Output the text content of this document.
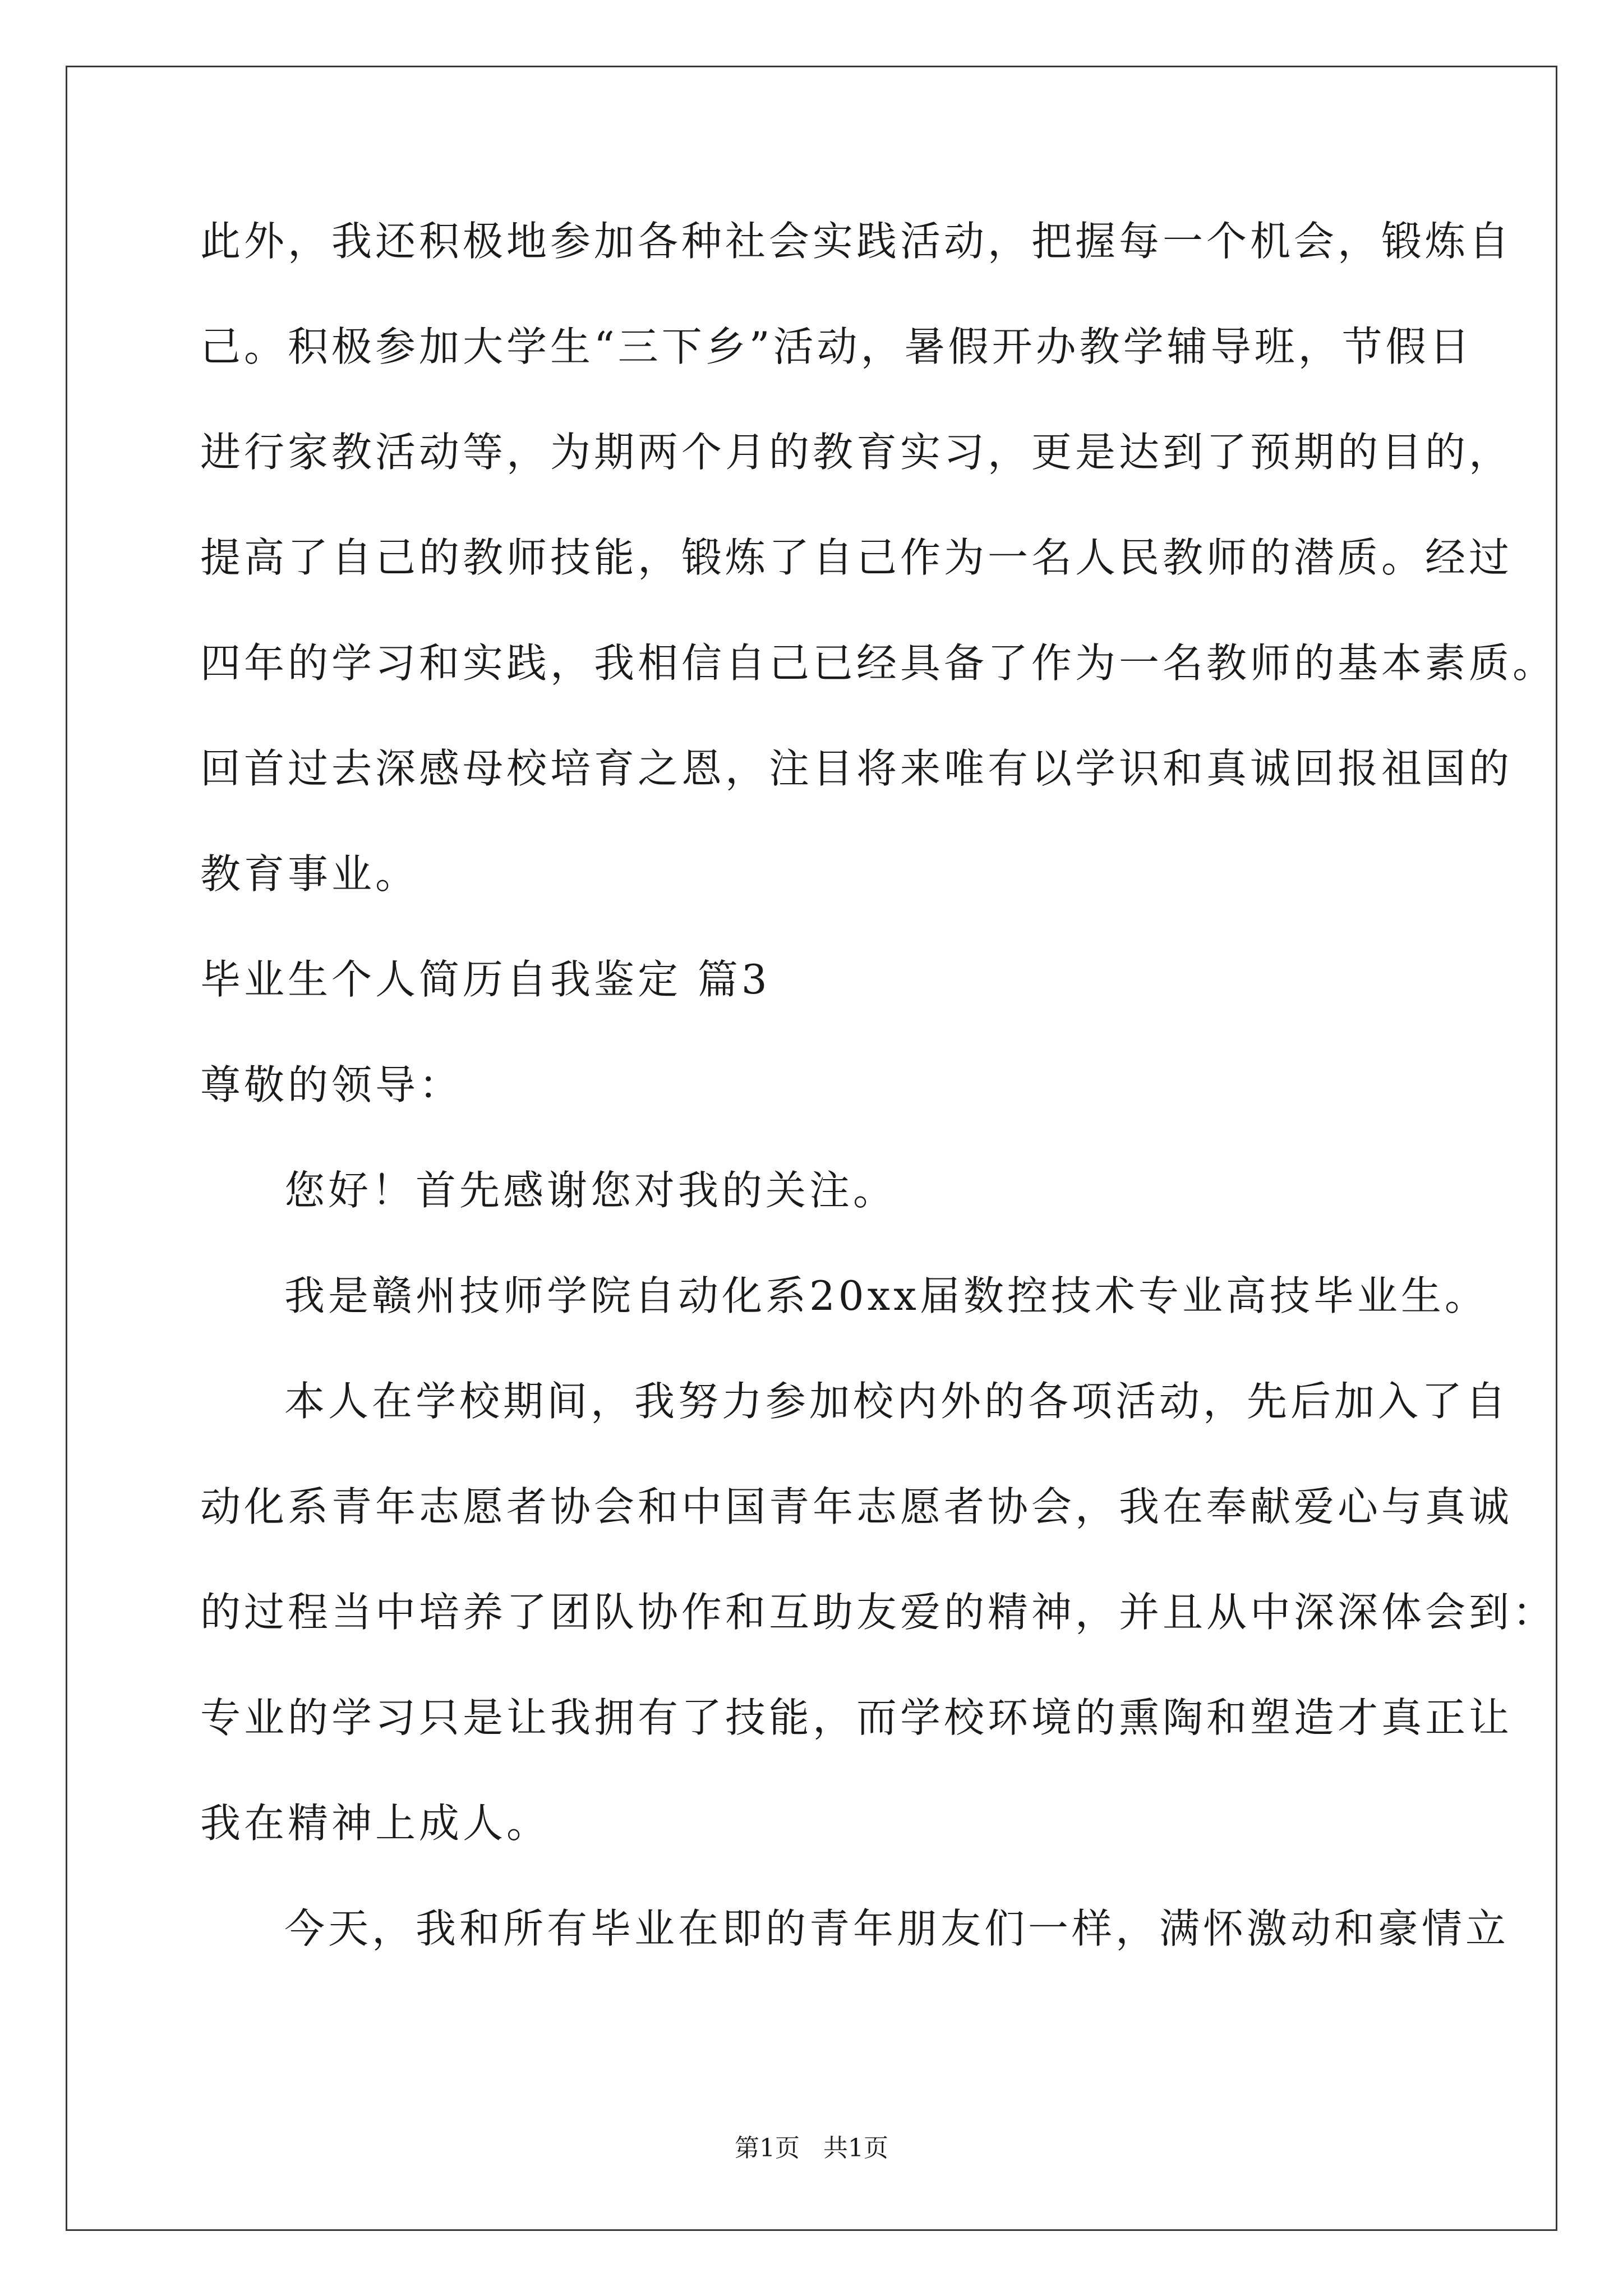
此外，我还积极地参加各种社会实践活动，把握每一个机会，锻炼自
己。积极参加大学生“三下乡”活动，暑假开办教学辅导班，节假日
进行家教活动等，为期两个月的教育实习，更是达到了预期的目的，
提高了自己的教师技能，锻炼了自己作为一名人民教师的潜质。经过
四年的学习和实践，我相信自己已经具备了作为一名教师的基本素质。
回首过去深感母校培育之恩，注目将来唯有以学识和真诚回报祖国的
教育事业。
毕业生个人简历自我鉴定 篇3
尊敬的领导：
您好！首先感谢您对我的关注。
我是赣州技师学院自动化系20xx届数控技术专业高技毕业生。
本人在学校期间，我努力参加校内外的各项活动，先后加入了自
动化系青年志愿者协会和中国青年志愿者协会，我在奉献爱心与真诚
的过程当中培养了团队协作和互助友爱的精神，并且从中深深体会到：
专业的学习只是让我拥有了技能，而学校环境的熏陶和塑造才真正让
我在精神上成人。
今天，我和所有毕业在即的青年朋友们一样，满怀激动和豪情立
第1页 共1页
